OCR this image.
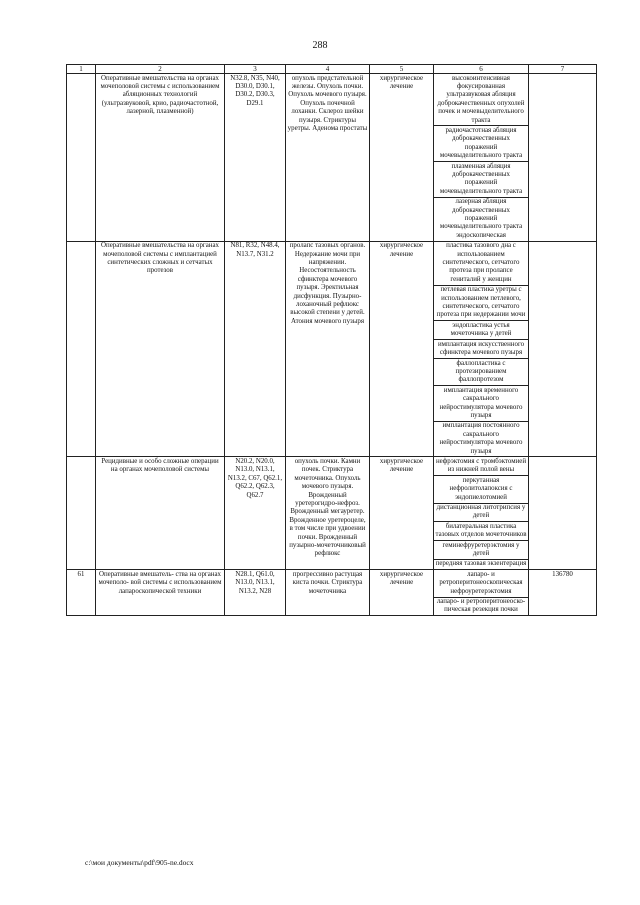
288
1	2	3	4	5	6	7
	Оперативные вмешательства на органах мочеполовой системы с использованием абляционных технологий (ультразвуковой, крио, радиочастотной, лазерной, плазменной)	N32.8, N35, N40, D30.0, D30.1, D30.2, D30.3, D29.1	опухоль предстательной железы. Опухоль почки. Опухоль мочевого пузыря. Опухоль почечной лоханки. Склероз шейки пузыря. Стриктуры уретры. Аденома простаты	хирургическое лечение	высокоинтенсивная фокусированная ультразвуковая абляция доброкачественных опухолей почек и мочевыделительного тракта	
					радиочастотная абляция доброкачественных поражений мочевыделительного тракта	
					плазменная абляция доброкачественных поражений мочевыделительного тракта	
					лазерная абляция доброкачественных поражений мочевыделительного тракта эндоскопическая	
	Оперативные вмешательства на органах мочеполовой системы с имплантацией синтетических сложных и сетчатых протезов	N81, R32, N48.4, N13.7, N31.2	пролапс тазовых органов. Недержание мочи при напряжении. Несостоятельность сфинктера мочевого пузыря. Эректильная дисфункция. Пузырно-лоханочный рефлюкс высокой степени у детей. Атония мочевого пузыря	хирургическое лечение	пластика тазового дна с использованием синтетического, сетчатого протеза при пролапсе гениталий у женщин	
					петлевая пластика уретры с использованием петлевого, синтетического, сетчатого протеза при недержании мочи	
					эндопластика устья мочеточника у детей	
					имплантация искусственного сфинктера мочевого пузыря	
					фаллопластика с протезированием фаллопротезом	
					имплантация временного сакрального нейростимулятора мочевого пузыря	
					имплантация постоянного сакрального нейростимулятора мочевого пузыря	
	Рецидивные и особо сложные операции на органах мочеполовой системы	N20.2, N20.0, N13.0, N13.1, N13.2, C67, Q62.1, Q62.2, Q62.3, Q62.7	опухоль почки. Камни почек. Стриктура мочеточника. Опухоль мочевого пузыря. Врожденный уретерогидро-нефроз. Врожденный мегауретер. Врожденное уретероцеле, в том числе при удвоении почки. Врожденный пузырно-мочеточниковый рефлюкс	хирургическое лечение	нефрэктомия с тромбэктомией из нижней полой вены	
					перкутанная нефролитолапоксия с эндопиелотомией	
					дистанционная литотрипсия у детей	
					билатеральная пластика тазовых отделов мочеточников	
					геминефруретерэктомия у детей	
					передняя тазовая экзентерация	
61	Оперативные вмешатель- ства на органах мочеполо- вой системы с использованием лапароскопической техники	N28.1, Q61.0, N13.0, N13.1, N13.2, N28	прогрессивно растущая киста почки. Стриктура мочеточника	хирургическое лечение	лапаро- и ретроперитонеоскопическая нефроуретерэктомия	136780
					лапаро- и ретроперитонеоско-пическая резекция почки	
c:\мои документы\pdf\905-ne.docx
